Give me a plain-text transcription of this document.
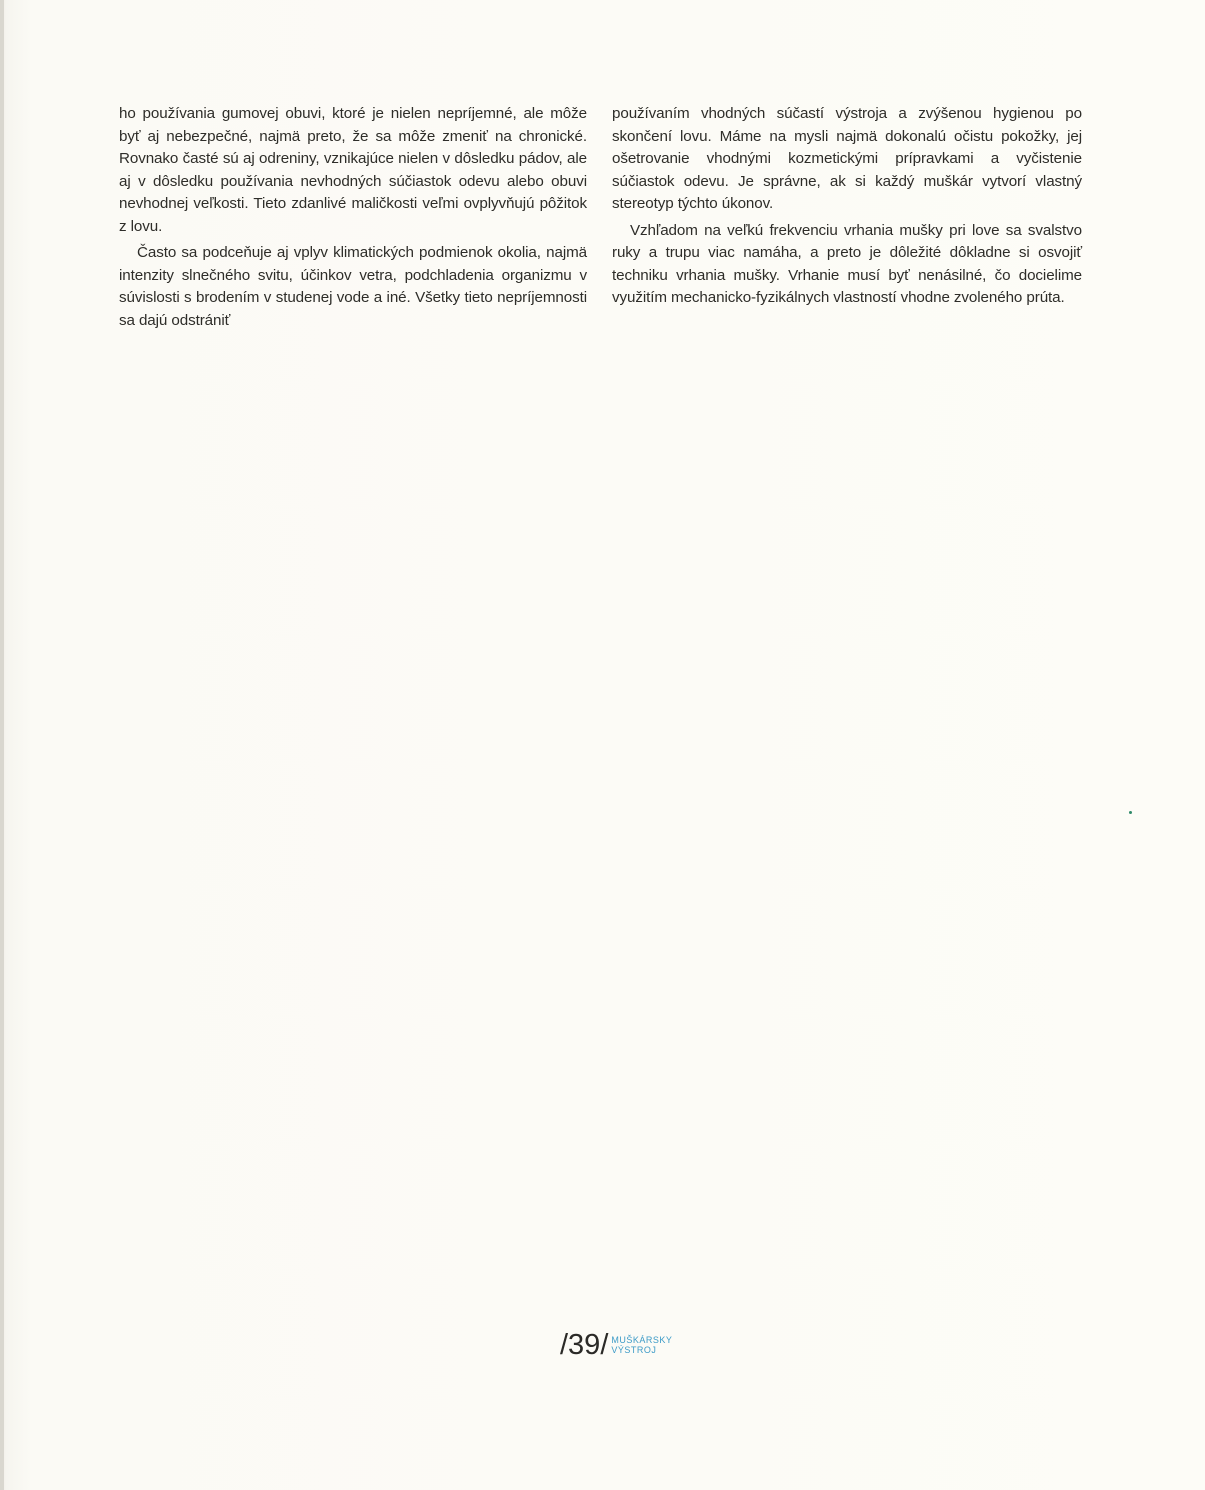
ho používania gumovej obuvi, ktoré je nielen nepríjemné, ale môže byť aj nebezpečné, najmä preto, že sa môže zmeniť na chronické. Rovnako časté sú aj odreniny, vznikajúce nielen v dôsledku pádov, ale aj v dôsledku používania nevhodných súčiastok odevu alebo obuvi nevhodnej veľkosti. Tieto zdanlivé maličkosti veľmi ovplyvňujú pôžitok z lovu.

Často sa podceňuje aj vplyv klimatických podmienok okolia, najmä intenzity slnečného svitu, účinkov vetra, podchladenia organizmu v súvislosti s brodením v studenej vode a iné. Všetky tieto nepríjemnosti sa dajú odstrániť

používaním vhodných súčastí výstroja a zvýšenou hygienou po skončení lovu. Máme na mysli najmä dokonalú očistu pokožky, jej ošetrovanie vhodnými kozmetickými prípravkami a vyčistenie súčiastok odevu. Je správne, ak si každý muškár vytvorí vlastný stereotyp týchto úkonov.

Vzhľadom na veľkú frekvenciu vrhania mušky pri love sa svalstvo ruky a trupu viac namáha, a preto je dôležité dôkladne si osvojiť techniku vrhania mušky. Vrhanie musí byť nenásilné, čo docielime využitím mechanicko-fyzikálnych vlastností vhodne zvoleného prúta.

/39/ MUŠKÁRSKY
VÝSTROJ
